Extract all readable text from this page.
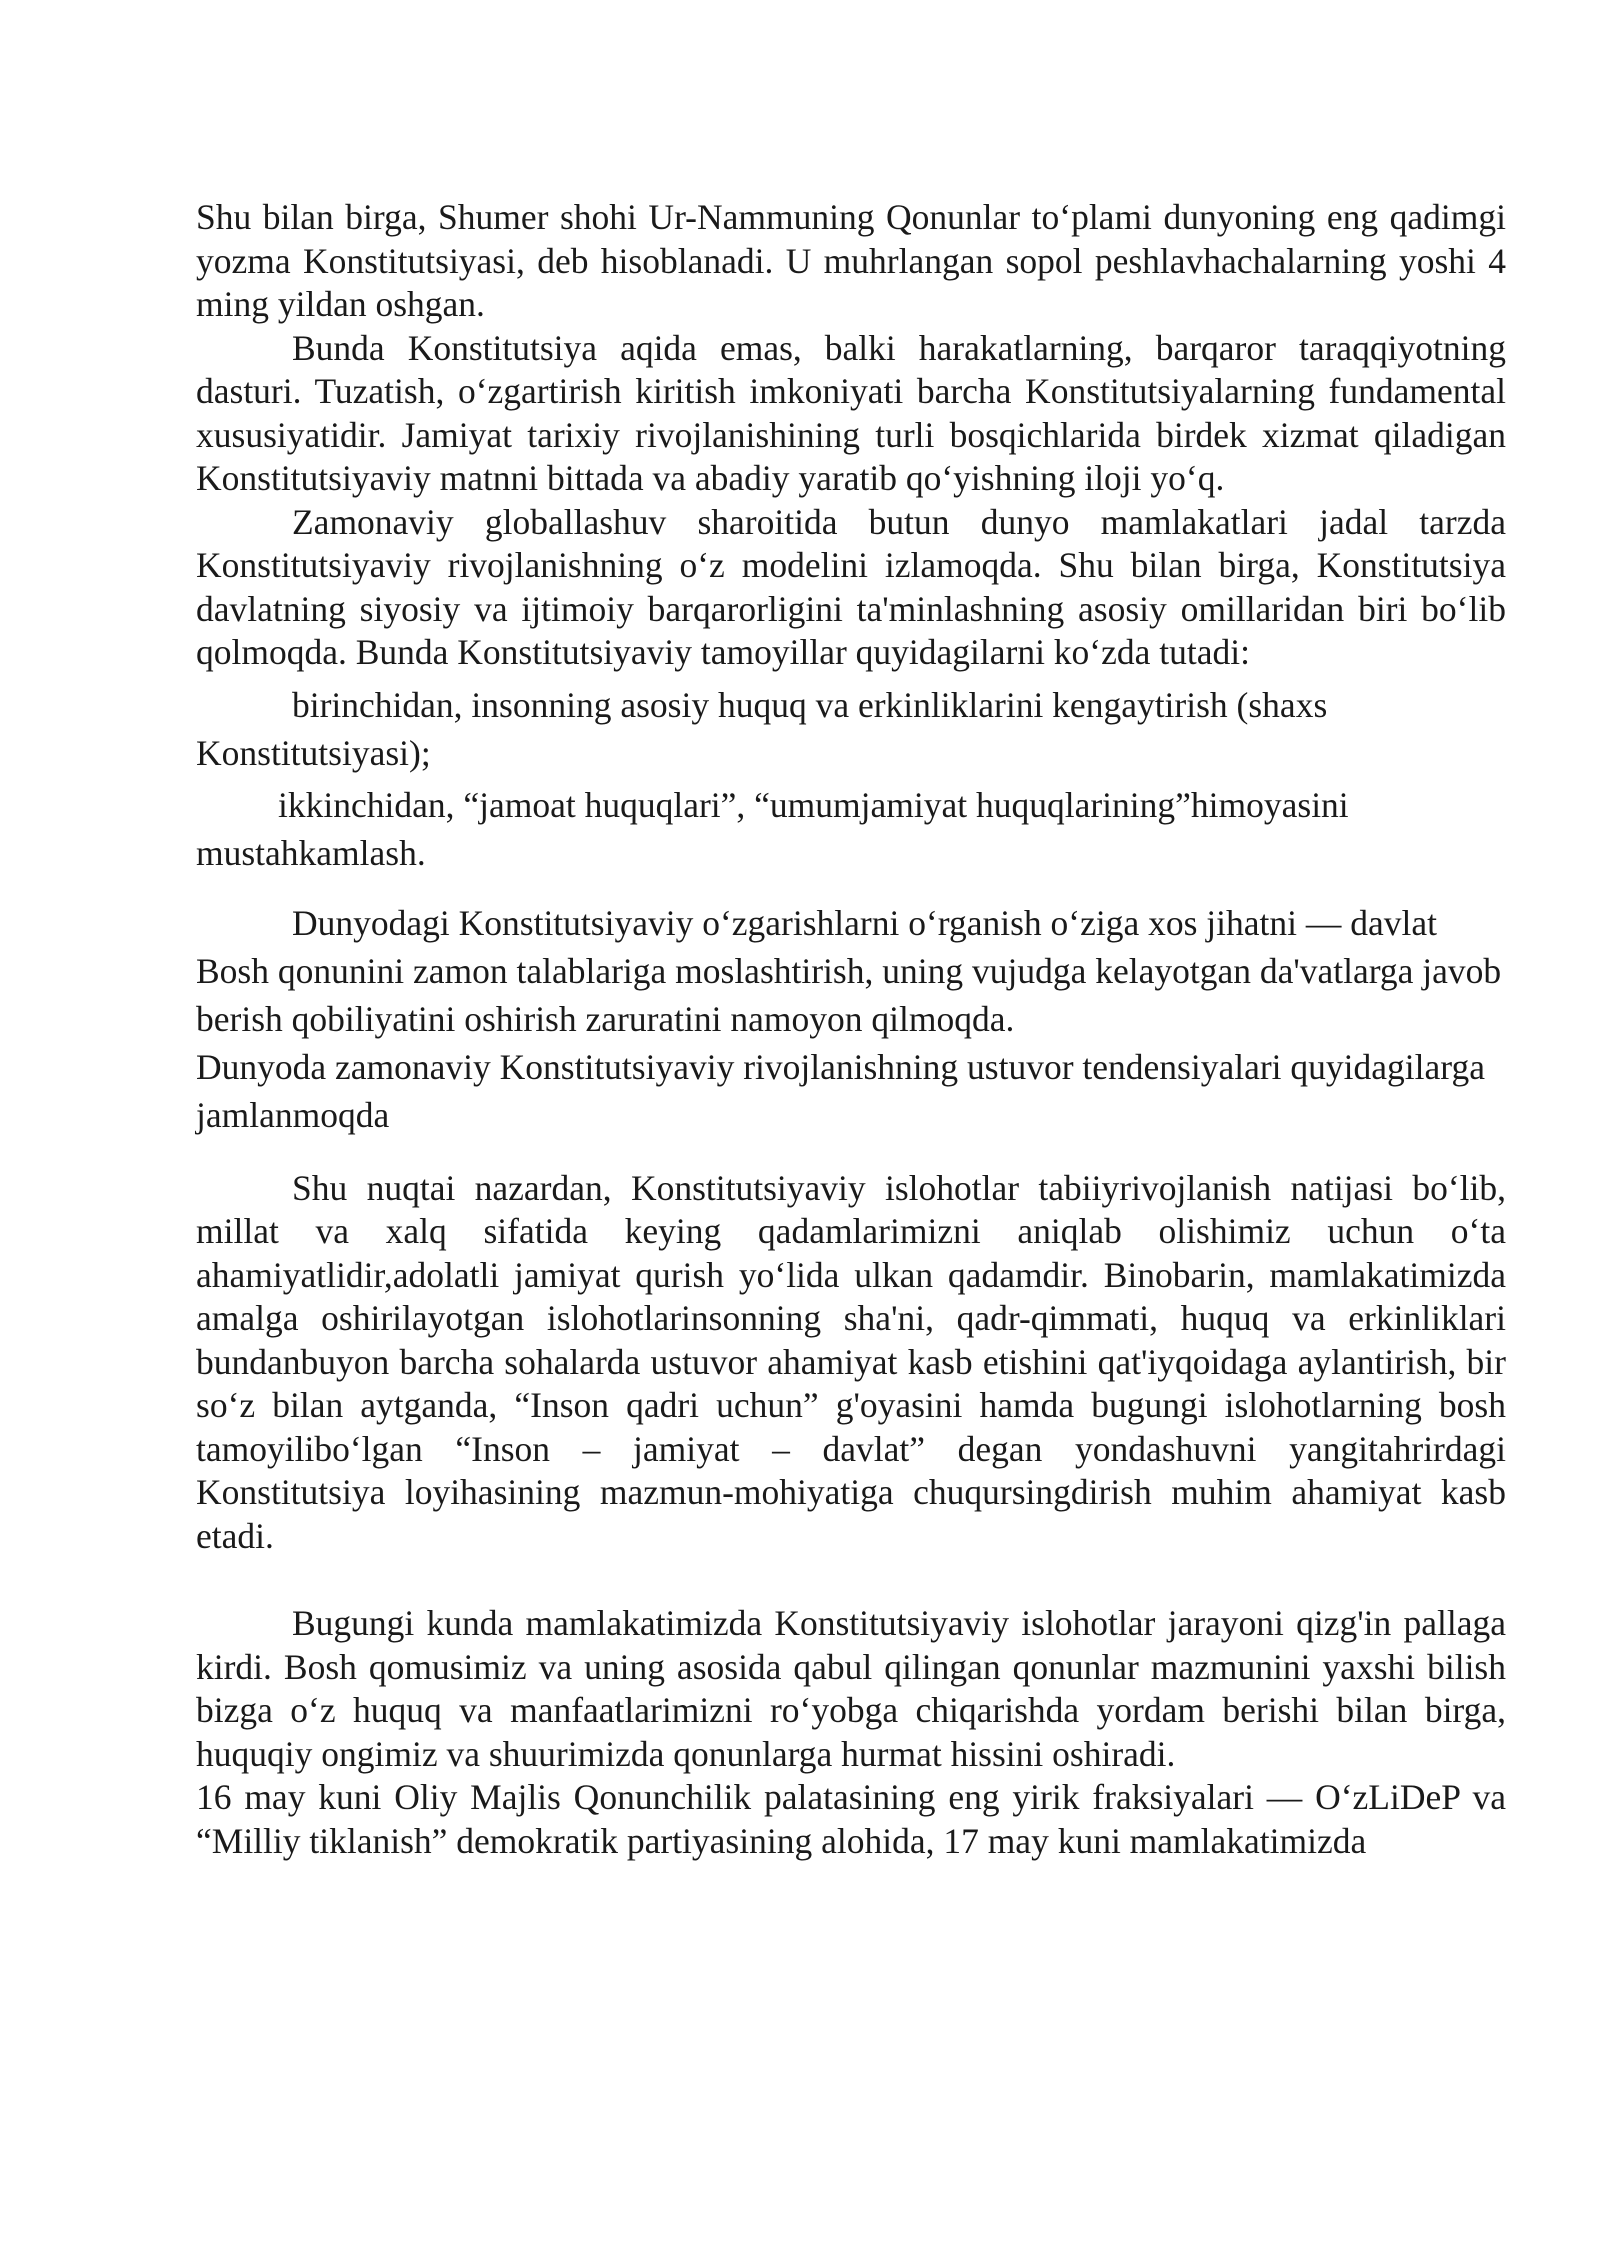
Shu bilan birga, Shumer shohi Ur-Nammuning Qonunlar to‘plami dunyoning eng qadimgi yozma Konstitutsiyasi, deb hisoblanadi. U muhrlangan sopol peshlavhachalarning yoshi 4 ming yildan oshgan.

Bunda Konstitutsiya aqida emas, balki harakatlarning, barqaror taraqqiyotning dasturi. Tuzatish, o‘zgartirish kiritish imkoniyati barcha Konstitutsiyalarning fundamental xususiyatidir. Jamiyat tarixiy rivojlanishining turli bosqichlarida birdek xizmat qiladigan Konstitutsiyaviy matnni bittada va abadiy yaratib qo‘yishning iloji yo‘q.

Zamonaviy globallashuv sharoitida butun dunyo mamlakatlari jadal tarzda Konstitutsiyaviy rivojlanishning o‘z modelini izlamoqda. Shu bilan birga, Konstitutsiya davlatning siyosiy va ijtimoiy barqarorligini ta'minlashning asosiy omillaridan biri bo‘lib qolmoqda. Bunda Konstitutsiyaviy tamoyillar quyidagilarni ko‘zda tutadi:

birinchidan, insonning asosiy huquq va erkinliklarini kengaytirish (shaxs Konstitutsiyasi);

ikkinchidan, “jamoat huquqlari”, “umumjamiyat huquqlarining”himoyasini mustahkamlash.

Dunyodagi Konstitutsiyaviy o‘zgarishlarni o‘rganish o‘ziga xos jihatni — davlat Bosh qonunini zamon talablariga moslashtirish, uning vujudga kelayotgan da'vatlarga javob berish qobiliyatini oshirish zaruratini namoyon qilmoqda.

Dunyoda zamonaviy Konstitutsiyaviy rivojlanishning ustuvor tendensiyalari quyidagilarga jamlanmoqda

Shu nuqtai nazardan, Konstitutsiyaviy islohotlar tabiiyrivojlanish natijasi bo‘lib, millat va xalq sifatida keying qadamlarimizni aniqlab olishimiz uchun o‘ta ahamiyatlidir,adolatli jamiyat qurish yo‘lida ulkan qadamdir. Binobarin, mamlakatimizda amalga oshirilayotgan islohotlarinsonning sha'ni, qadr-qimmati, huquq va erkinliklari bundanbuyon barcha sohalarda ustuvor ahamiyat kasb etishini qat'iyqoidaga aylantirish, bir so‘z bilan aytganda, “Inson qadri uchun” g'oyasini hamda bugungi islohotlarning bosh tamoyilibo‘lgan “Inson – jamiyat – davlat” degan yondashuvni yangitahrirdagi Konstitutsiya loyihasining mazmun-mohiyatiga chuqursingdirish muhim ahamiyat kasb etadi.

Bugungi kunda mamlakatimizda Konstitutsiyaviy islohotlar jarayoni qizg'in pallaga kirdi. Bosh qomusimiz va uning asosida qabul qilingan qonunlar mazmunini yaxshi bilish bizga o‘z huquq va manfaatlarimizni ro‘yobga chiqarishda yordam berishi bilan birga, huquqiy ongimiz va shuurimizda qonunlarga hurmat hissini oshiradi.

16 may kuni Oliy Majlis Qonunchilik palatasining eng yirik fraksiyalari — O‘zLiDeP va “Milliy tiklanish” demokratik partiyasining alohida, 17 may kuni mamlakatimizda
